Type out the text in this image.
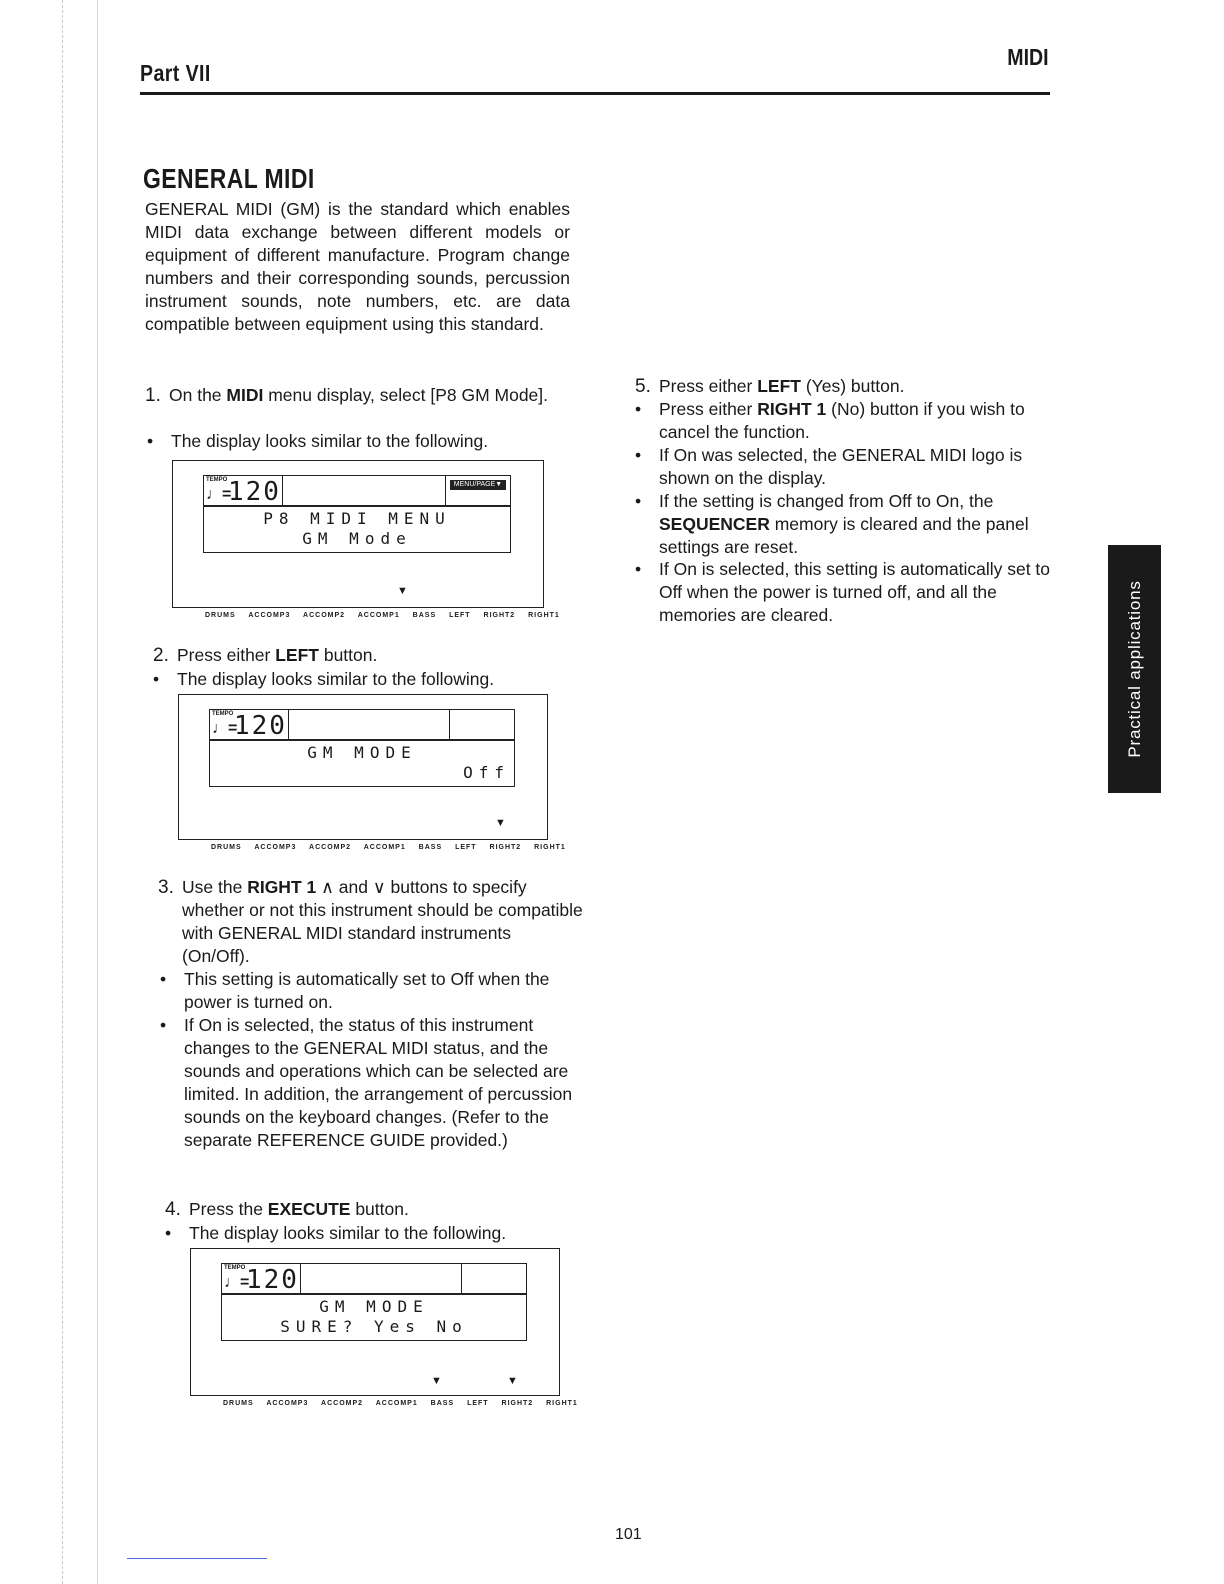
Part VII
MIDI
GENERAL MIDI

GENERAL MIDI (GM) is the standard which enables MIDI data exchange between different models or equipment of different manufacture. Program change numbers and their corresponding sounds, percussion instrument sounds, note numbers, etc. are data compatible between equipment using this standard.

1. On the MIDI menu display, select [P8 GM Mode].
• The display looks similar to the following.
TEMPO
♩=
120	MENU/PAGE▼
P8 MIDI MENU
GM Mode
▼
DRUMS ACCOMP3 ACCOMP2 ACCOMP1 BASS LEFT RIGHT2 RIGHT1
2. Press either LEFT button.
• The display looks similar to the following.
TEMPO
♩=
120
GM MODE
Off
▼
DRUMS ACCOMP3 ACCOMP2 ACCOMP1 BASS LEFT RIGHT2 RIGHT1
3. Use the RIGHT 1 ∧ and ∨ buttons to specify whether or not this instrument should be compatible with GENERAL MIDI standard instruments (On/Off).
• This setting is automatically set to Off when the power is turned on.
• If On is selected, the status of this instrument changes to the GENERAL MIDI status, and the sounds and operations which can be selected are limited. In addition, the arrangement of percussion sounds on the keyboard changes. (Refer to the separate REFERENCE GUIDE provided.)
4. Press the EXECUTE button.
• The display looks similar to the following.
TEMPO
♩=
120
GM MODE
SURE? Yes No
▼	▼
DRUMS ACCOMP3 ACCOMP2 ACCOMP1 BASS LEFT RIGHT2 RIGHT1
5. Press either LEFT (Yes) button.
• Press either RIGHT 1 (No) button if you wish to cancel the function.
• If On was selected, the GENERAL MIDI logo is shown on the display.
• If the setting is changed from Off to On, the SEQUENCER memory is cleared and the panel settings are reset.
• If On is selected, this setting is automatically set to Off when the power is turned off, and all the memories are cleared.	Practical applications
101
